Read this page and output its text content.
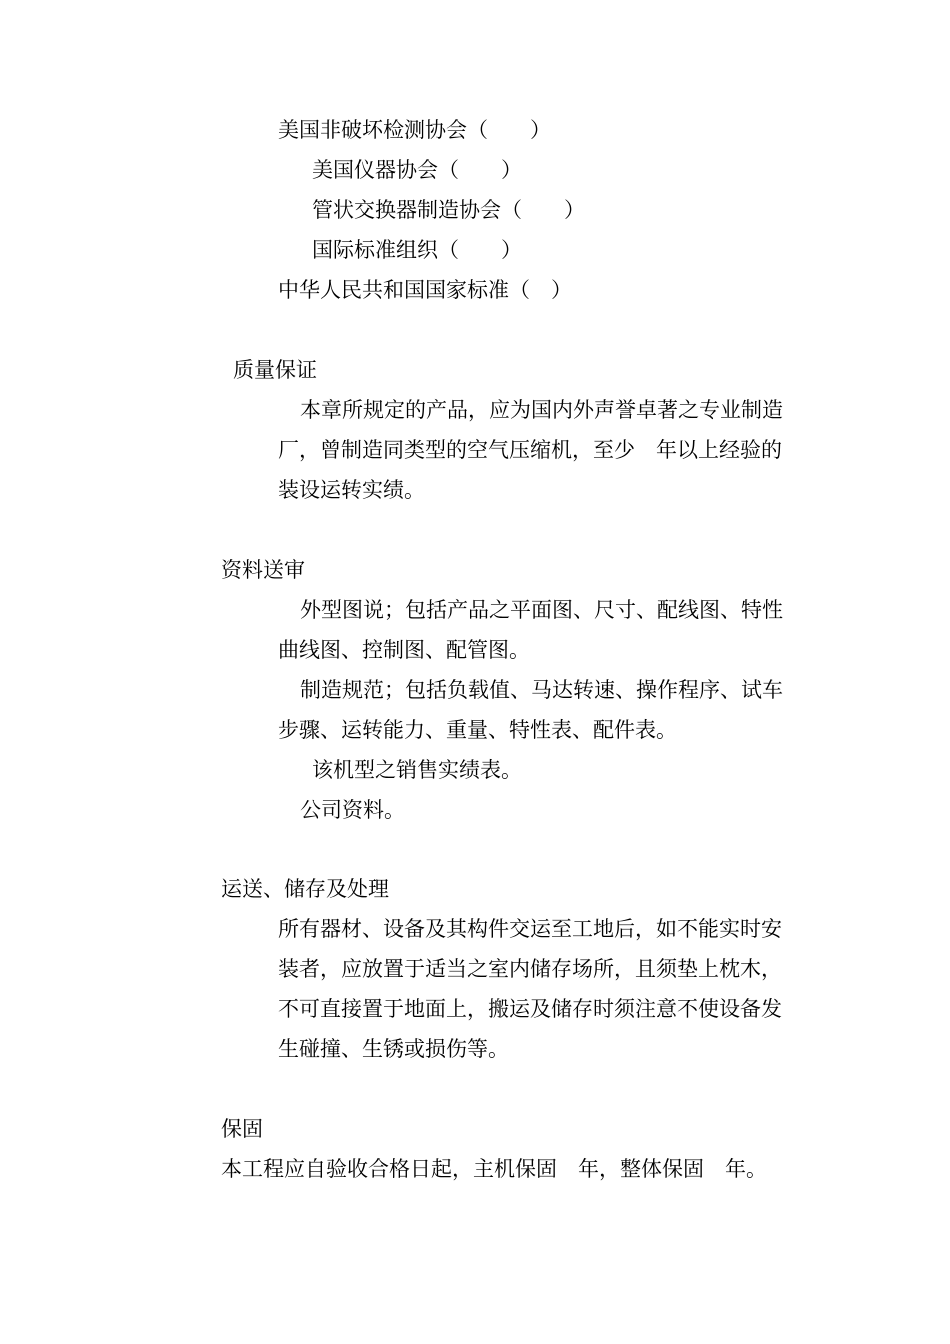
美国非破坏检测协会（　　）
美国仪器协会（　　）
管状交换器制造协会（　　）
国际标准组织（　　）
中华人民共和国国家标准（　）
质量保证
本章所规定的产品，应为国内外声誉卓著之专业制造
厂，曾制造同类型的空气压缩机，至少　年以上经验的
装设运转实绩。
资料送审
外型图说；包括产品之平面图、尺寸、配线图、特性
曲线图、控制图、配管图。
制造规范；包括负载值、马达转速、操作程序、试车
步骤、运转能力、重量、特性表、配件表。
该机型之销售实绩表。
公司资料。
运送、储存及处理
所有器材、设备及其构件交运至工地后，如不能实时安
装者，应放置于适当之室内储存场所，且须垫上枕木，
不可直接置于地面上，搬运及储存时须注意不使设备发
生碰撞、生锈或损伤等。
保固
本工程应自验收合格日起，主机保固　年，整体保固　年。
